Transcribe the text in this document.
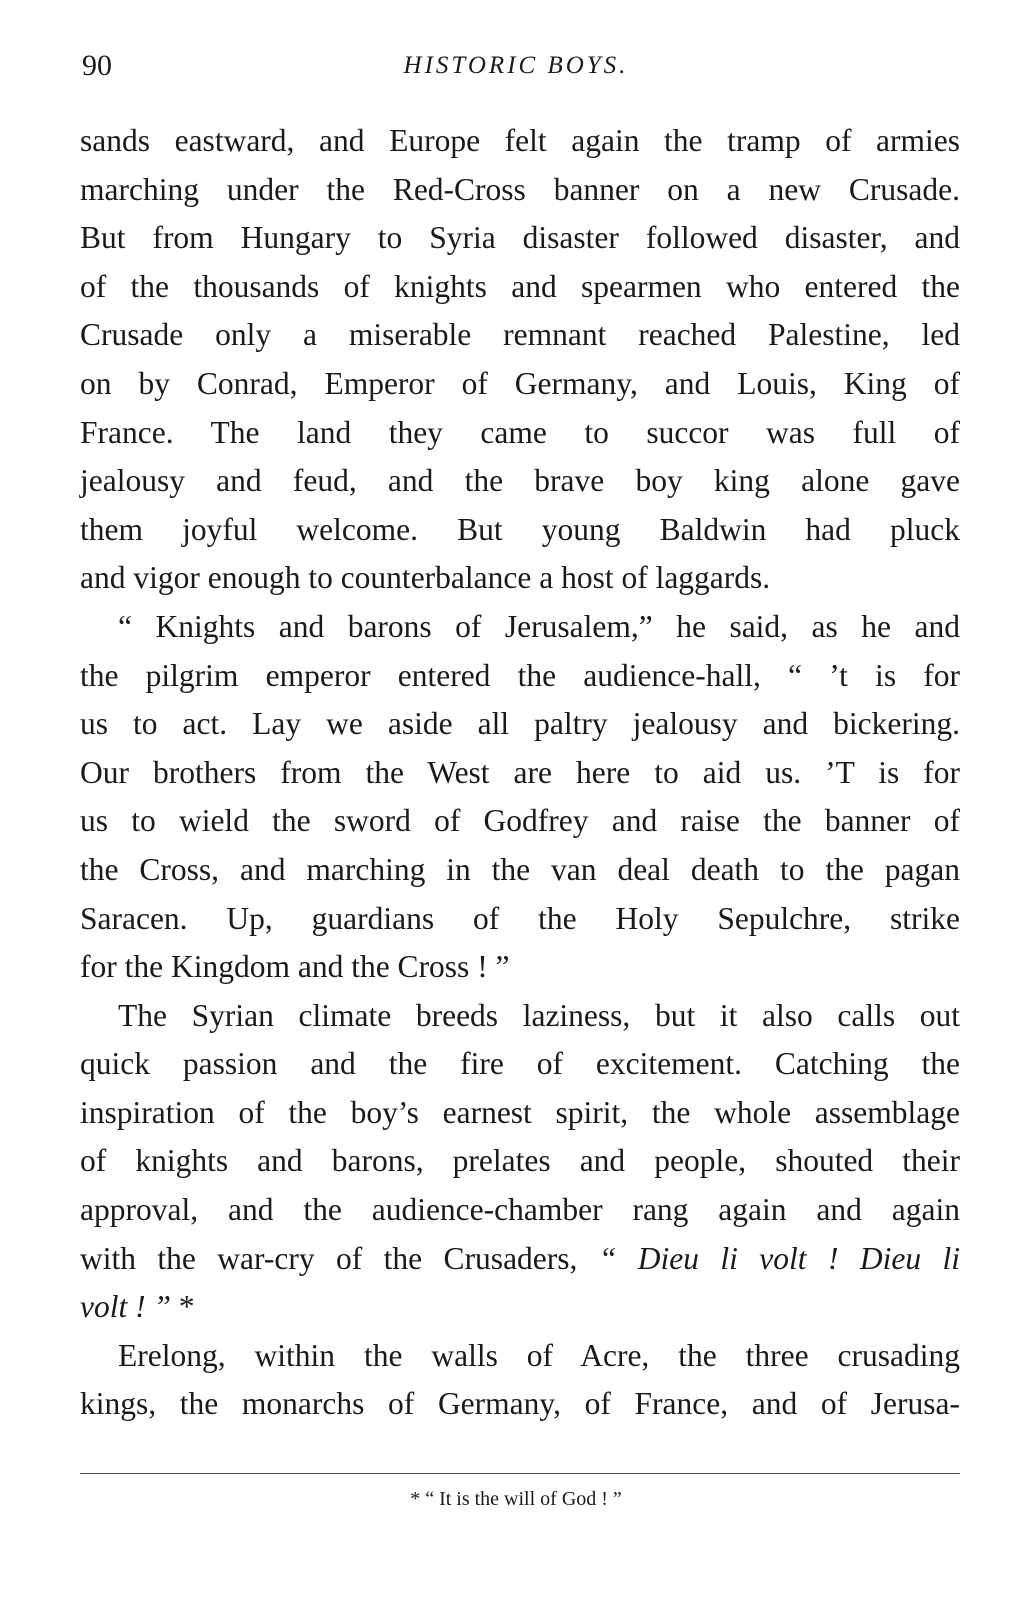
90	HISTORIC BOYS.
sands eastward, and Europe felt again the tramp of armies
marching under the Red-Cross banner on a new Crusade.
But from Hungary to Syria disaster followed disaster, and
of the thousands of knights and spearmen who entered the
Crusade only a miserable remnant reached Palestine, led
on by Conrad, Emperor of Germany, and Louis, King of
France. The land they came to succor was full of
jealousy and feud, and the brave boy king alone gave
them joyful welcome. But young Baldwin had pluck
and vigor enough to counterbalance a host of laggards.
“ Knights and barons of Jerusalem,” he said, as he and
the pilgrim emperor entered the audience-hall, “ ’t is for
us to act. Lay we aside all paltry jealousy and bickering.
Our brothers from the West are here to aid us. ’T is for
us to wield the sword of Godfrey and raise the banner of
the Cross, and marching in the van deal death to the pagan
Saracen. Up, guardians of the Holy Sepulchre, strike
for the Kingdom and the Cross ! ”
The Syrian climate breeds laziness, but it also calls out
quick passion and the fire of excitement. Catching the
inspiration of the boy’s earnest spirit, the whole assemblage
of knights and barons, prelates and people, shouted their
approval, and the audience-chamber rang again and again
with the war-cry of the Crusaders, “ Dieu li volt ! Dieu li
volt ! ” *
Erelong, within the walls of Acre, the three crusading
kings, the monarchs of Germany, of France, and of Jerusa-
* “ It is the will of God ! ”
